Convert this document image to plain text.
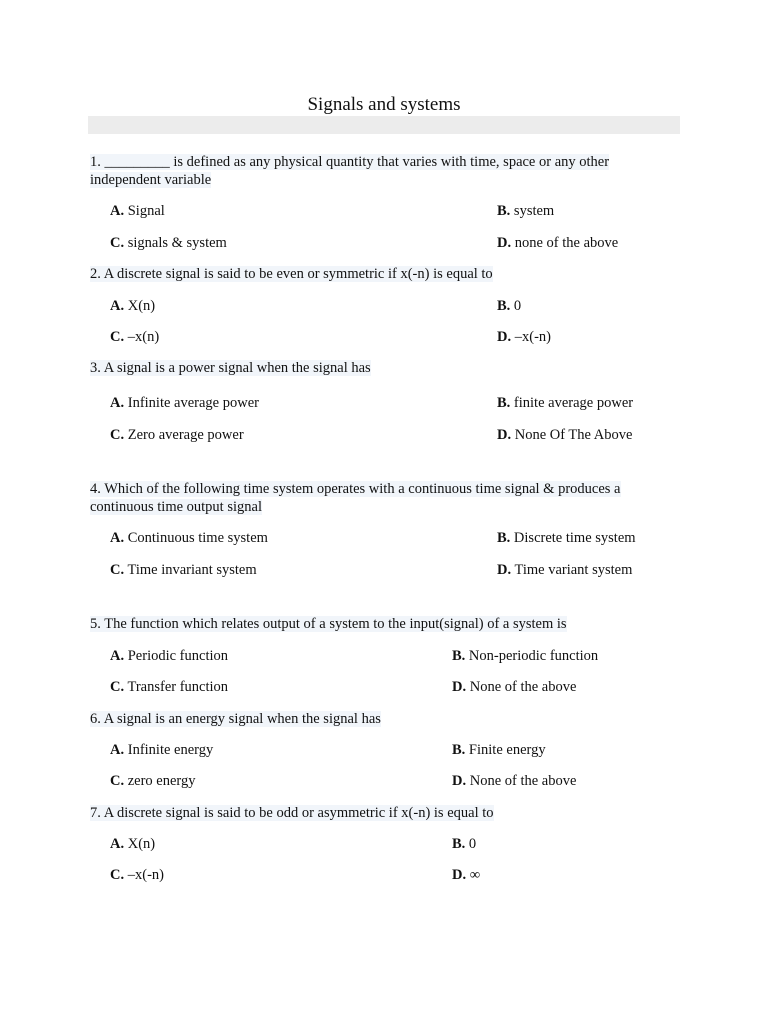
Signals and systems
1. _________ is defined as any physical quantity that varies with time, space or any other independent variable
A. Signal	B. system
C. signals & system	D. none of the above
2. A discrete signal is said to be even or symmetric if x(-n) is equal to
A. X(n)	B. 0
C. –x(n)	D. –x(-n)
3. A signal is a power signal when the signal has
A. Infinite average power	B. finite average power
C. Zero average power	D. None Of The Above
4. Which of the following time system operates with a continuous time signal & produces a continuous time output signal
A. Continuous time system	B. Discrete time system
C. Time invariant system	D. Time variant system
5. The function which relates output of a system to the input(signal) of a system is
A. Periodic function	B. Non-periodic function
C. Transfer function	D. None of the above
6. A signal is an energy signal when the signal has
A. Infinite energy	B. Finite energy
C. zero energy	D. None of the above
7. A discrete signal is said to be odd or asymmetric if x(-n) is equal to
A. X(n)	B. 0
C. –x(-n)	D. ∞
